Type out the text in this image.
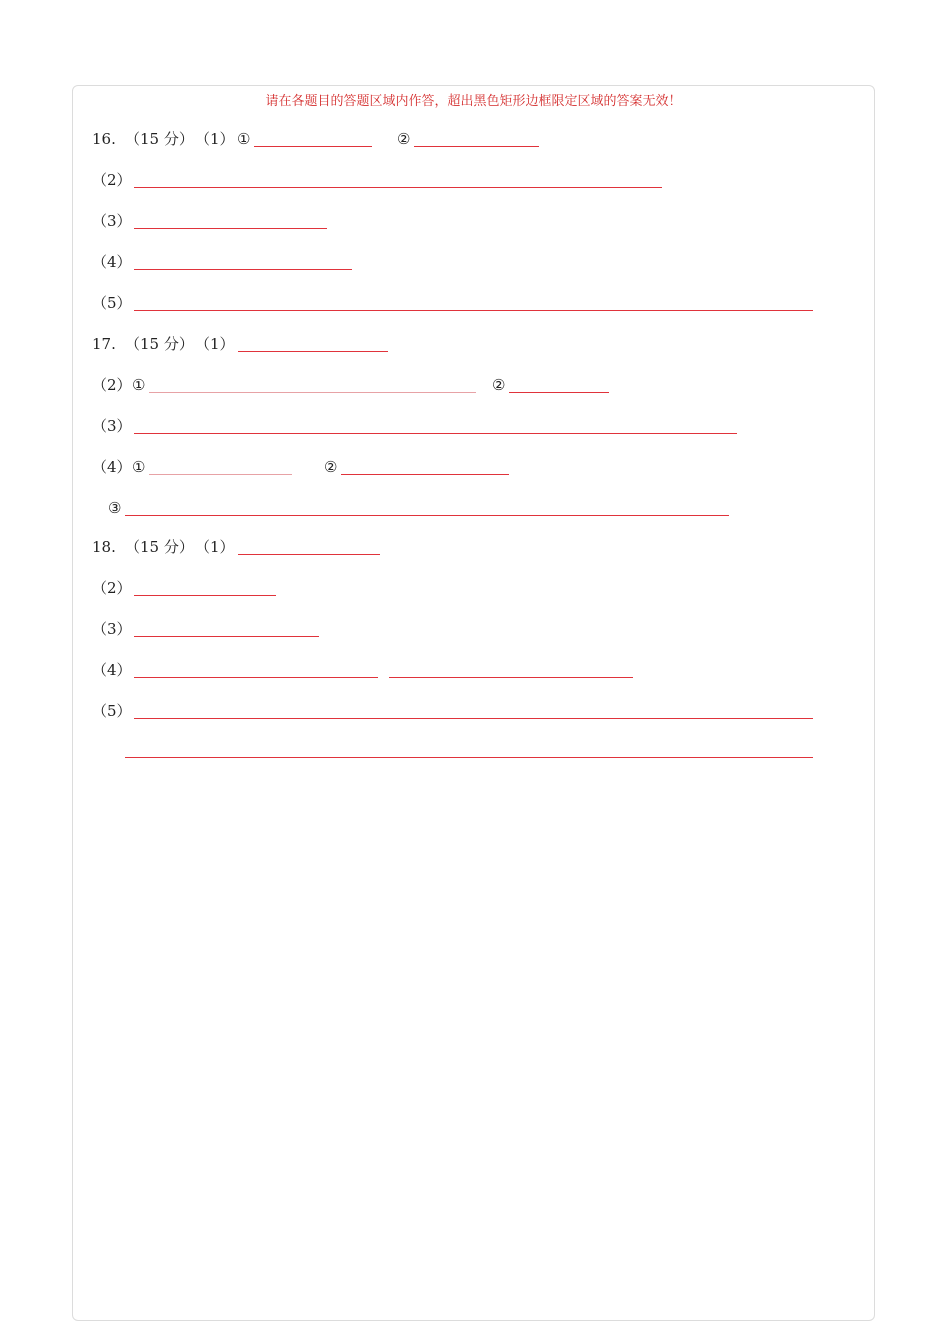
请在各题目的答题区域内作答，超出黑色矩形边框限定区域的答案无效！
16. （15 分） （1） ①	②
（2）
（3）
（4）
（5）
17. （15 分） （1）
（2） ①	②
（3）
（4） ①	②
③
18. （15 分） （1）
（2）
（3）
（4）
（5）
